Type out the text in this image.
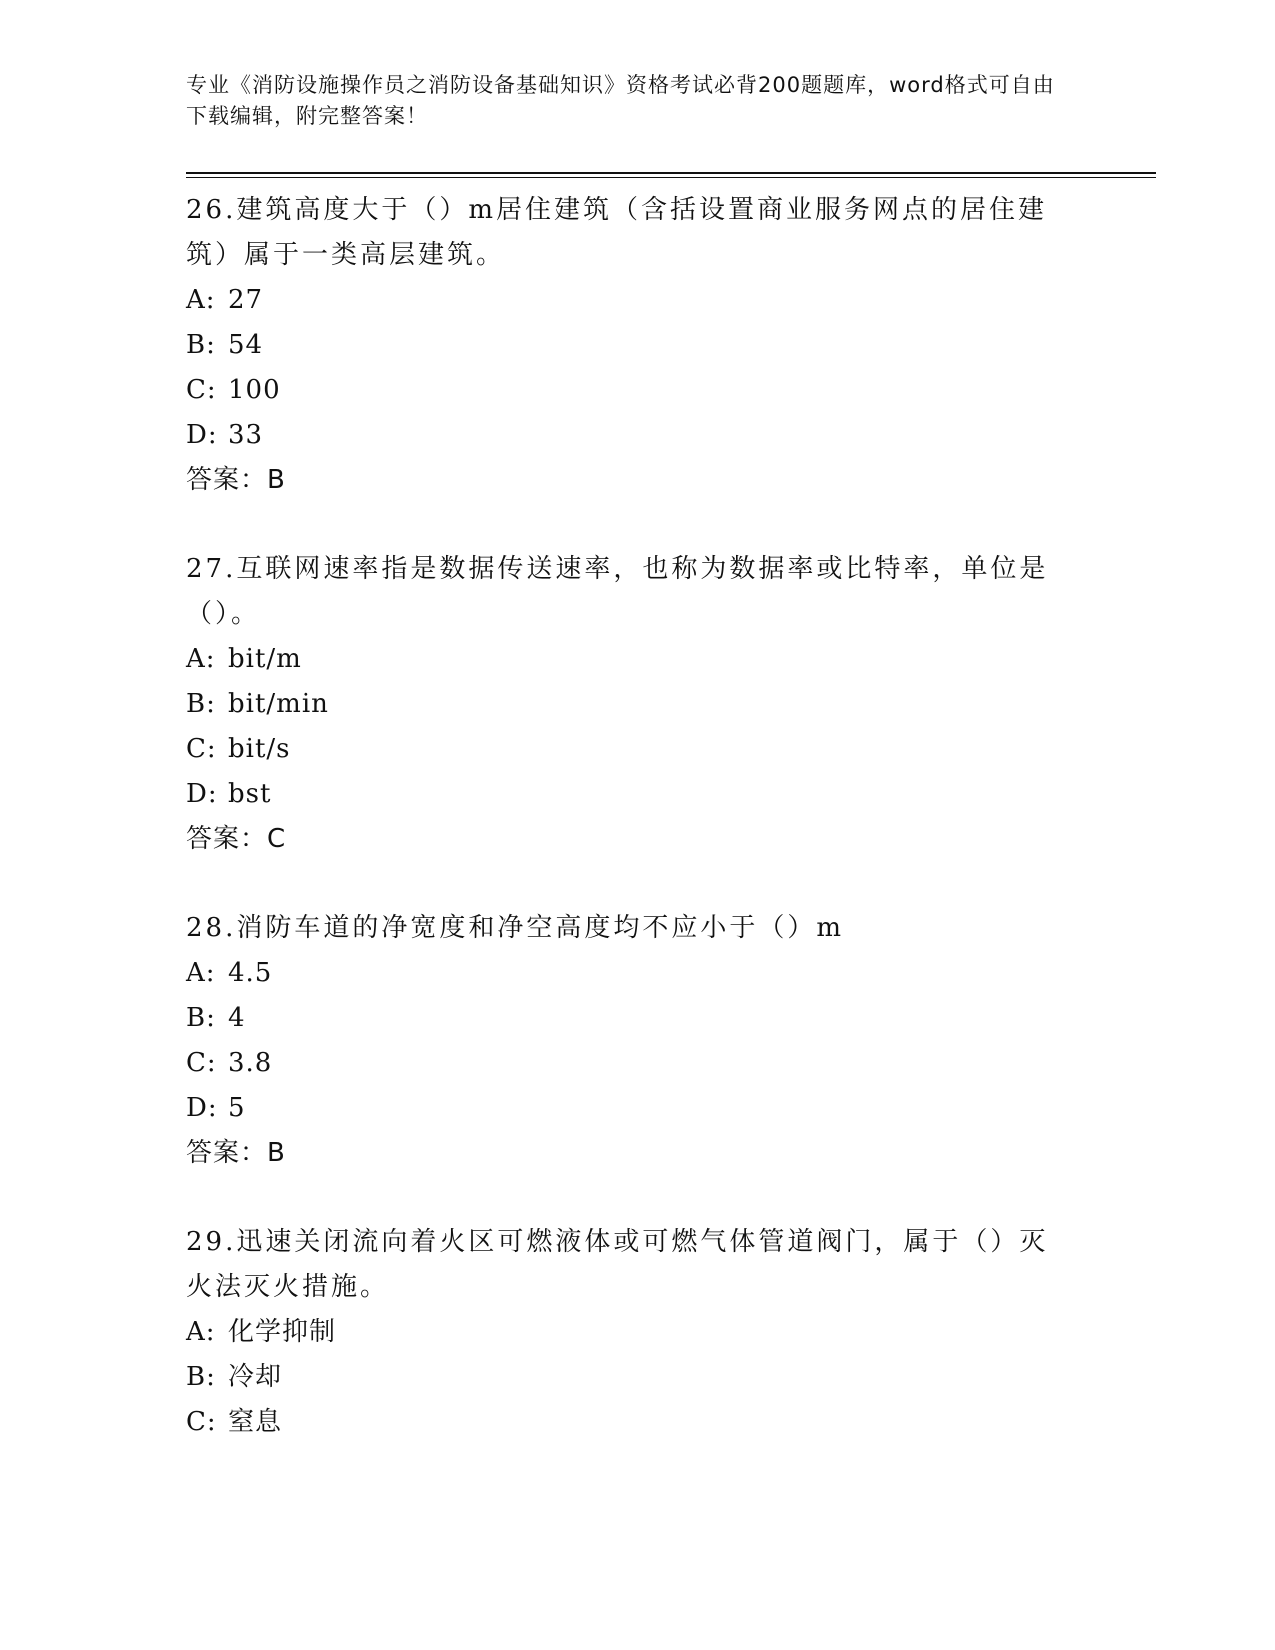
专业《消防设施操作员之消防设备基础知识》资格考试必背200题题库，word格式可自由下载编辑，附完整答案！

26.建筑高度大于（）m居住建筑（含括设置商业服务网点的居住建筑）属于一类高层建筑。

A: 27

B: 54

C: 100

D: 33

答案：B

27.互联网速率指是数据传送速率，也称为数据率或比特率，单位是（）。

A: bit/m

B: bit/min

C: bit/s

D: bst

答案：C

28.消防车道的净宽度和净空高度均不应小于（）m

A: 4.5

B: 4

C: 3.8

D: 5

答案：B

29.迅速关闭流向着火区可燃液体或可燃气体管道阀门，属于（）灭火法灭火措施。

A: 化学抑制

B: 冷却

C: 窒息
